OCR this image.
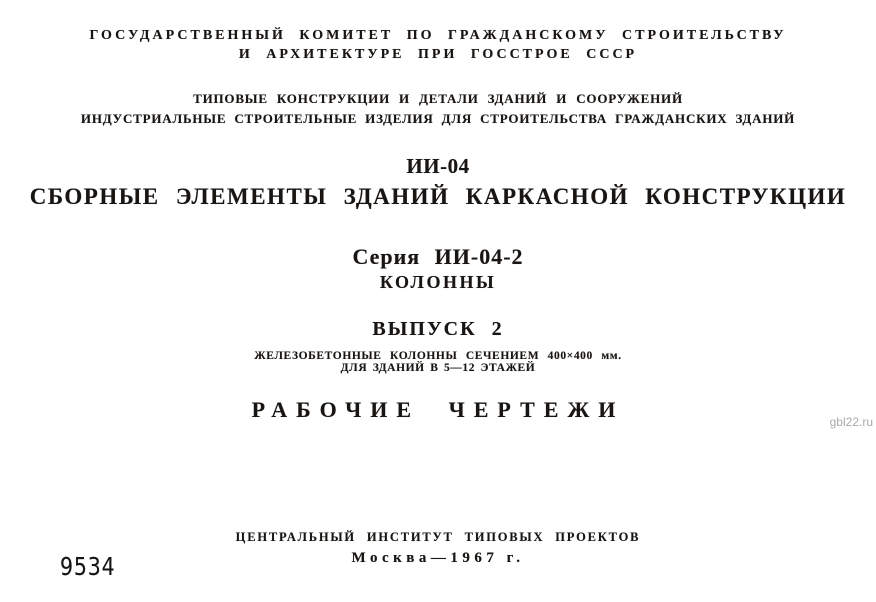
ГОСУДАРСТВЕННЫЙ КОМИТЕТ ПО ГРАЖДАНСКОМУ СТРОИТЕЛЬСТВУ
И АРХИТЕКТУРЕ ПРИ ГОССТРОЕ СССР
ТИПОВЫЕ КОНСТРУКЦИИ И ДЕТАЛИ ЗДАНИЙ И СООРУЖЕНИЙ
ИНДУСТРИАЛЬНЫЕ СТРОИТЕЛЬНЫЕ ИЗДЕЛИЯ ДЛЯ СТРОИТЕЛЬСТВА ГРАЖДАНСКИХ ЗДАНИЙ
ИИ-04
СБОРНЫЕ ЭЛЕМЕНТЫ ЗДАНИЙ КАРКАСНОЙ КОНСТРУКЦИИ
Серия ИИ-04-2
КОЛОННЫ
ВЫПУСК 2
ЖЕЛЕЗОБЕТОННЫЕ КОЛОННЫ СЕЧЕНИЕМ 400×400 мм.
ДЛЯ ЗДАНИЙ В 5—12 ЭТАЖЕЙ
РАБОЧИЕ ЧЕРТЕЖИ	gbl22.ru
ЦЕНТРАЛЬНЫЙ ИНСТИТУТ ТИПОВЫХ ПРОЕКТОВ
Москва—1967 г.
9534
